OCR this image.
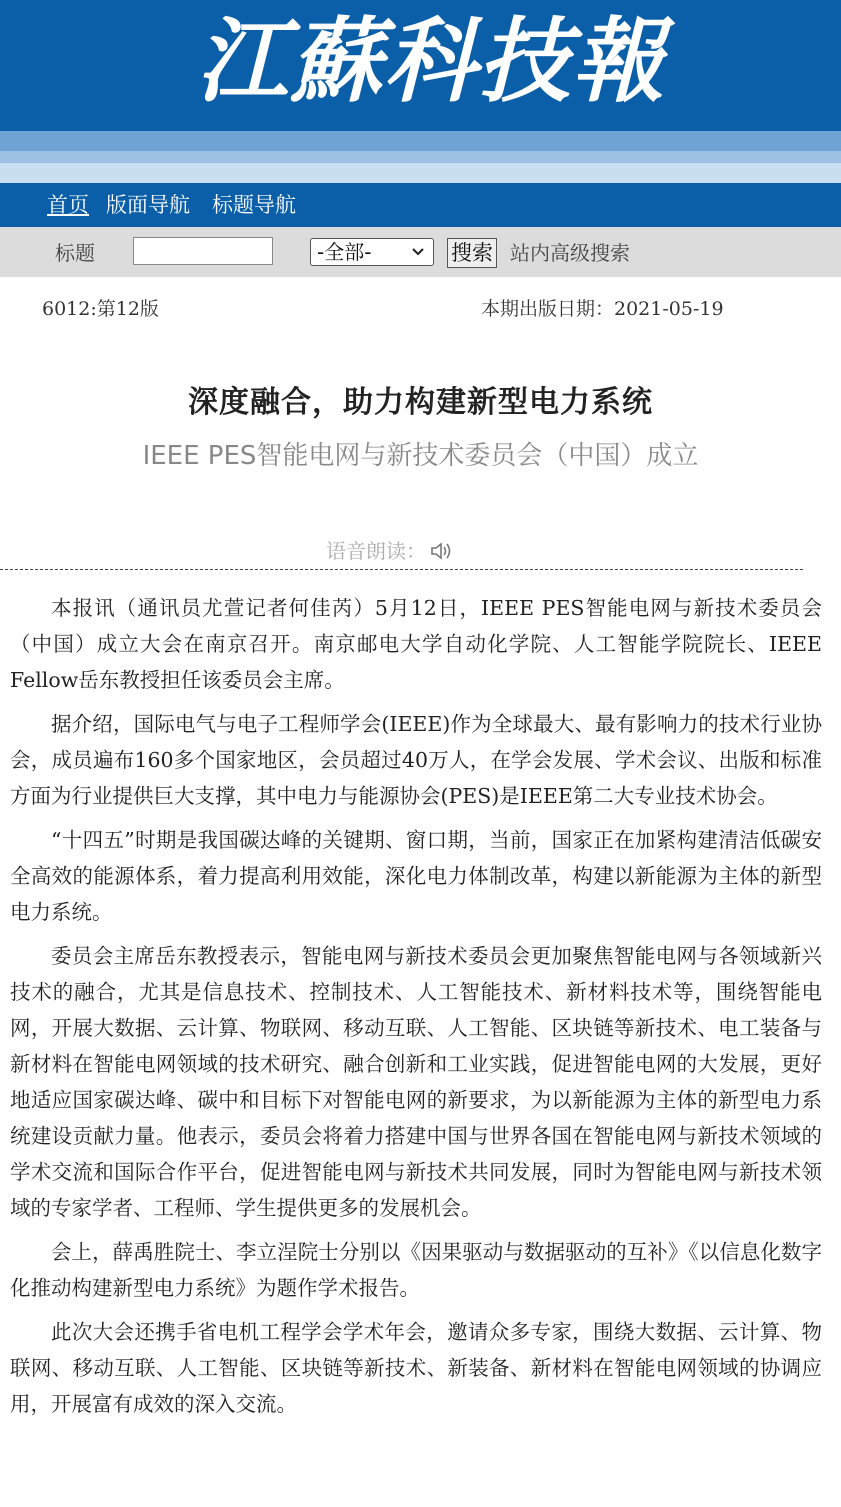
江蘇科技報
首页 版面导航 标题导航
标题	-全部-	搜索 站内高级搜索
6012:第12版	本期出版日期：2021-05-19
深度融合，助力构建新型电力系统
IEEE PES智能电网与新技术委员会（中国）成立
语音朗读：

本报讯（通讯员尤萱记者何佳芮）5月12日，IEEE PES智能电网与新技术委员会（中国）成立大会在南京召开。南京邮电大学自动化学院、人工智能学院院长、IEEE Fellow岳东教授担任该委员会主席。

据介绍，国际电气与电子工程师学会(IEEE)作为全球最大、最有影响力的技术行业协会，成员遍布160多个国家地区，会员超过40万人，在学会发展、学术会议、出版和标准方面为行业提供巨大支撑，其中电力与能源协会(PES)是IEEE第二大专业技术协会。

“十四五”时期是我国碳达峰的关键期、窗口期，当前，国家正在加紧构建清洁低碳安全高效的能源体系，着力提高利用效能，深化电力体制改革，构建以新能源为主体的新型电力系统。

委员会主席岳东教授表示，智能电网与新技术委员会更加聚焦智能电网与各领域新兴技术的融合，尤其是信息技术、控制技术、人工智能技术、新材料技术等，围绕智能电网，开展大数据、云计算、物联网、移动互联、人工智能、区块链等新技术、电工装备与新材料在智能电网领域的技术研究、融合创新和工业实践，促进智能电网的大发展，更好地适应国家碳达峰、碳中和目标下对智能电网的新要求，为以新能源为主体的新型电力系统建设贡献力量。他表示，委员会将着力搭建中国与世界各国在智能电网与新技术领域的学术交流和国际合作平台，促进智能电网与新技术共同发展，同时为智能电网与新技术领域的专家学者、工程师、学生提供更多的发展机会。

会上，薛禹胜院士、李立浧院士分别以《因果驱动与数据驱动的互补》《以信息化数字化推动构建新型电力系统》为题作学术报告。

此次大会还携手省电机工程学会学术年会，邀请众多专家，围绕大数据、云计算、物联网、移动互联、人工智能、区块链等新技术、新装备、新材料在智能电网领域的协调应用，开展富有成效的深入交流。
